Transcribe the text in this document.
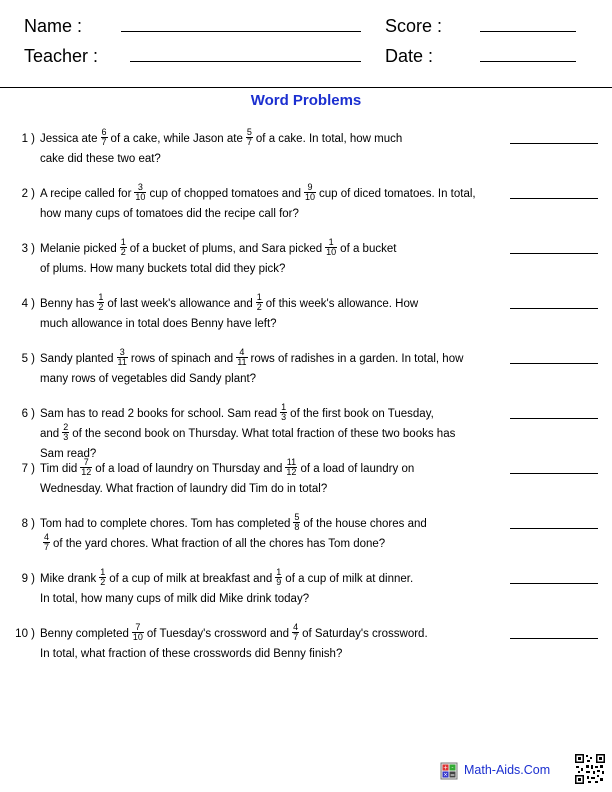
Name :	Score :
Teacher :	Date :
Word Problems
1 ) Jessica ate $\frac{6}{7}$ of a cake, while Jason ate $\frac{5}{7}$ of a cake. In total, how much
cake did these two eat?
2 ) A recipe called for $\frac{3}{10}$ cup of chopped tomatoes and $\frac{9}{10}$ cup of diced tomatoes. In total,
how many cups of tomatoes did the recipe call for?
3 ) Melanie picked $\frac{1}{2}$ of a bucket of plums, and Sara picked $\frac{1}{10}$ of a bucket
of plums. How many buckets total did they pick?
4 ) Benny has $\frac{1}{2}$ of last week's allowance and $\frac{1}{2}$ of this week's allowance. How
much allowance in total does Benny have left?
5 ) Sandy planted $\frac{3}{11}$ rows of spinach and $\frac{4}{11}$ rows of radishes in a garden. In total, how
many rows of vegetables did Sandy plant?
6 ) Sam has to read 2 books for school. Sam read $\frac{1}{3}$ of the first book on Tuesday,
and $\frac{2}{3}$ of the second book on Thursday. What total fraction of these two books has
Sam read?
7 ) Tim did $\frac{7}{12}$ of a load of laundry on Thursday and $\frac{11}{12}$ of a load of laundry on
Wednesday. What fraction of laundry did Tim do in total?
8 ) Tom had to complete chores. Tom has completed $\frac{5}{8}$ of the house chores and
$\frac{4}{7}$ of the yard chores. What fraction of all the chores has Tom done?
9 ) Mike drank $\frac{1}{2}$ of a cup of milk at breakfast and $\frac{1}{9}$ of a cup of milk at dinner.
In total, how many cups of milk did Mike drink today?
10 ) Benny completed $\frac{7}{10}$ of Tuesday's crossword and $\frac{4}{7}$ of Saturday's crossword.
In total, what fraction of these crosswords did Benny finish?
+ -
× = Math-Aids.Com
